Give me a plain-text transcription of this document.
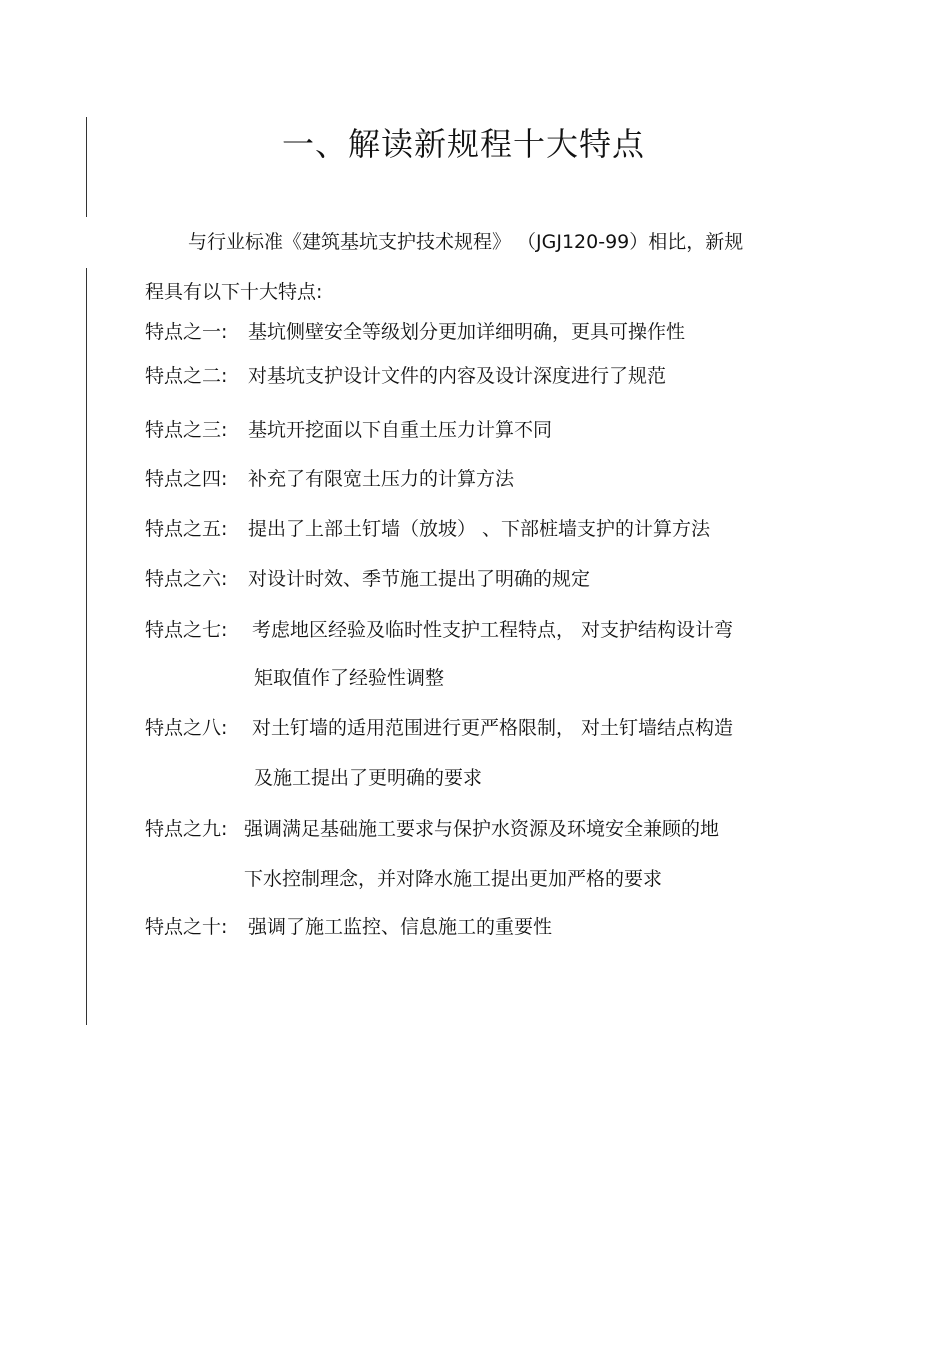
一、解读新规程十大特点
与行业标准《建筑基坑支护技术规程》 （JGJ120-99）相比，新规
程具有以下十大特点:
特点之一: 基坑侧壁安全等级划分更加详细明确，更具可操作性
特点之二: 对基坑支护设计文件的内容及设计深度进行了规范
特点之三: 基坑开挖面以下自重土压力计算不同
特点之四: 补充了有限宽土压力的计算方法
特点之五: 提出了上部土钉墙（放坡） 、下部桩墙支护的计算方法
特点之六: 对设计时效、季节施工提出了明确的规定
特点之七: 考虑地区经验及临时性支护工程特点， 对支护结构设计弯
矩取值作了经验性调整
特点之八: 对土钉墙的适用范围进行更严格限制， 对土钉墙结点构造
及施工提出了更明确的要求
特点之九: 强调满足基础施工要求与保护水资源及环境安全兼顾的地
下水控制理念，并对降水施工提出更加严格的要求
特点之十: 强调了施工监控、信息施工的重要性
